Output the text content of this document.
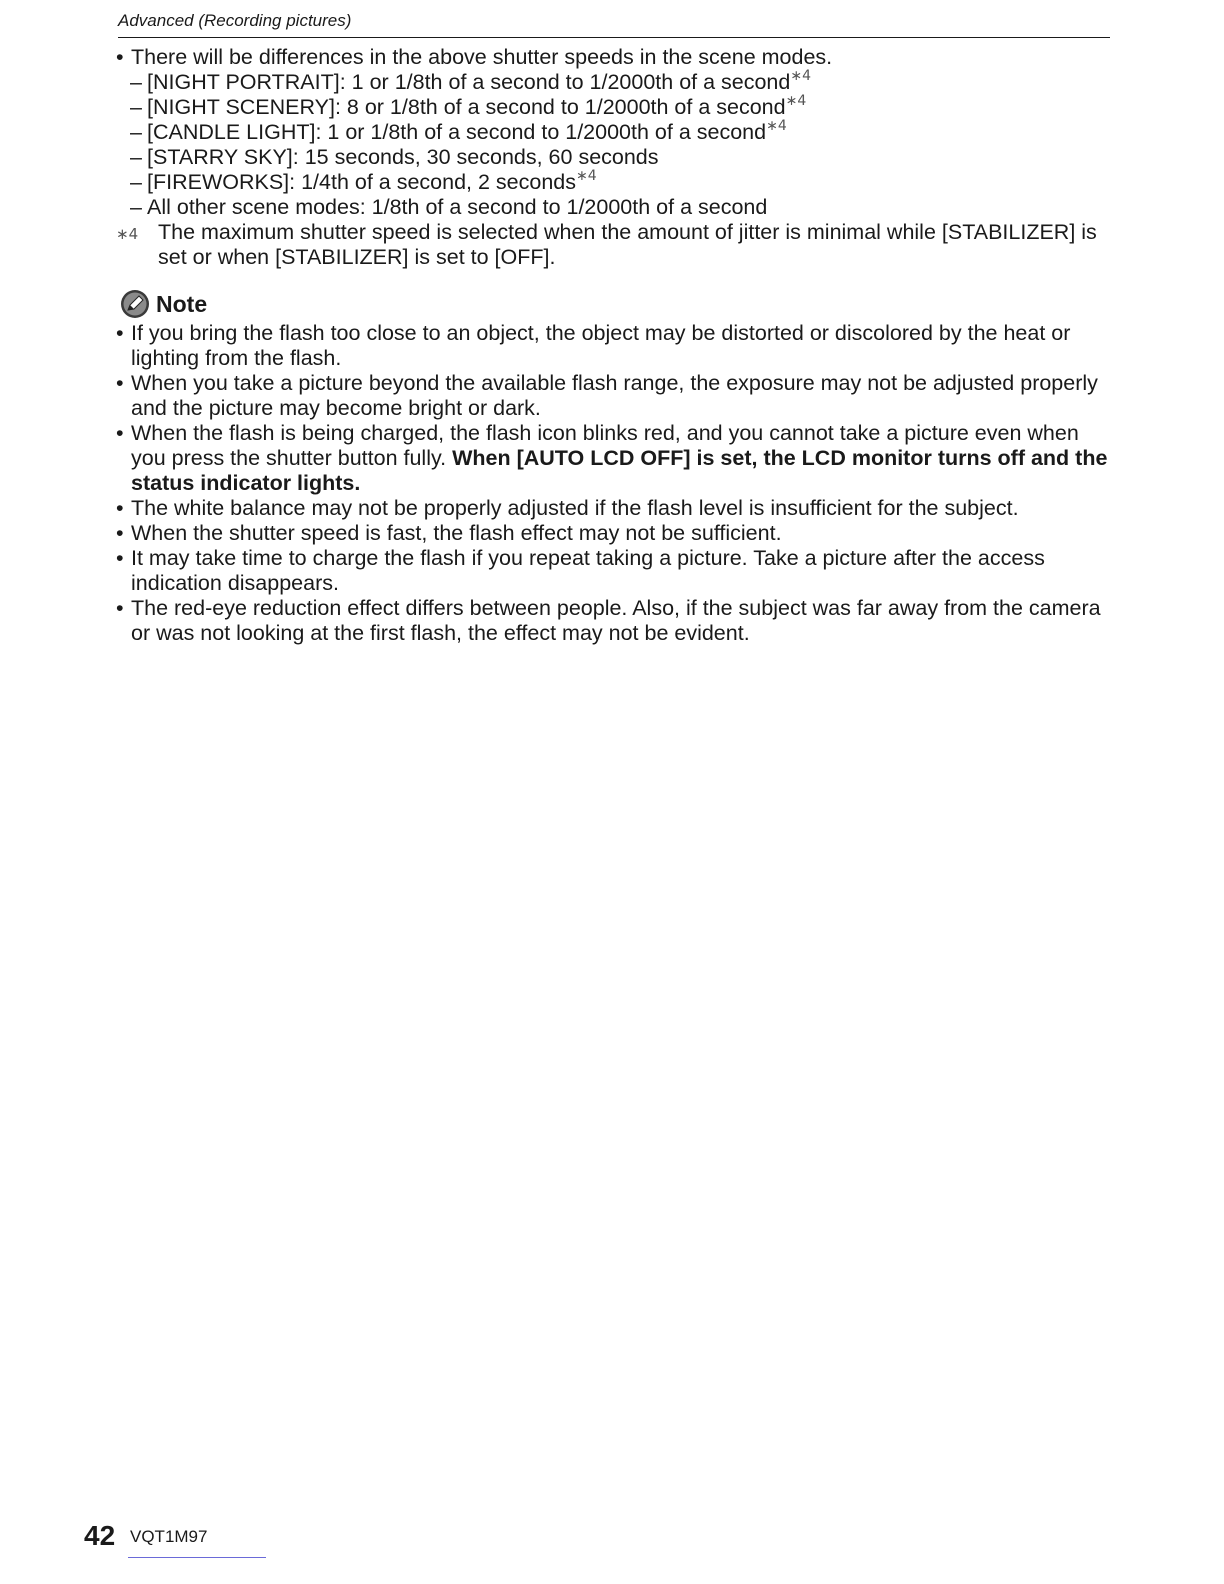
Advanced (Recording pictures)
• There will be differences in the above shutter speeds in the scene modes.
– [NIGHT PORTRAIT]: 1 or 1/8th of a second to 1/2000th of a second$^{∗4}$
– [NIGHT SCENERY]: 8 or 1/8th of a second to 1/2000th of a second$^{∗4}$
– [CANDLE LIGHT]: 1 or 1/8th of a second to 1/2000th of a second$^{∗4}$
– [STARRY SKY]: 15 seconds, 30 seconds, 60 seconds
– [FIREWORKS]: 1/4th of a second, 2 seconds$^{∗4}$
– All other scene modes: 1/8th of a second to 1/2000th of a second
∗4 The maximum shutter speed is selected when the amount of jitter is minimal while [STABILIZER] is set or when [STABILIZER] is set to [OFF].
Note
• If you bring the flash too close to an object, the object may be distorted or discolored by the heat or lighting from the flash.
• When you take a picture beyond the available flash range, the exposure may not be adjusted properly and the picture may become bright or dark.
• When the flash is being charged, the flash icon blinks red, and you cannot take a picture even when you press the shutter button fully. When [AUTO LCD OFF] is set, the LCD monitor turns off and the status indicator lights.
• The white balance may not be properly adjusted if the flash level is insufficient for the subject.
• When the shutter speed is fast, the flash effect may not be sufficient.
• It may take time to charge the flash if you repeat taking a picture. Take a picture after the access indication disappears.
• The red-eye reduction effect differs between people. Also, if the subject was far away from the camera or was not looking at the first flash, the effect may not be evident.
42 VQT1M97
